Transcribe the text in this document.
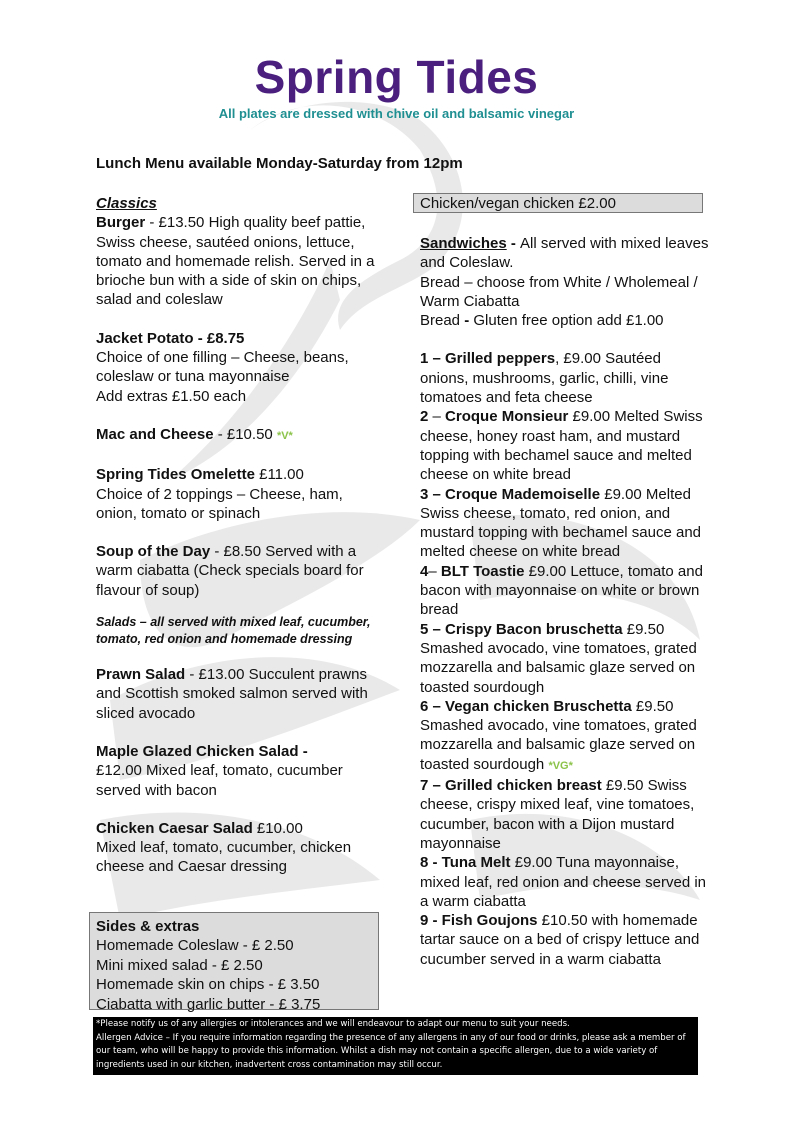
Spring Tides
All plates are dressed with chive oil and balsamic vinegar
Lunch Menu available Monday-Saturday from 12pm

Classics

Burger - £13.50 High quality beef pattie, Swiss cheese, sautéed onions, lettuce, tomato and homemade relish. Served in a brioche bun with a side of skin on chips, salad and coleslaw

Jacket Potato - £8.75
Choice of one filling – Cheese, beans, coleslaw or tuna mayonnaise
Add extras £1.50 each

Mac and Cheese - £10.50 *V*

Spring Tides Omelette £11.00
Choice of 2 toppings – Cheese, ham, onion, tomato or spinach

Soup of the Day - £8.50 Served with a warm ciabatta (Check specials board for flavour of soup)

Salads – all served with mixed leaf, cucumber, tomato, red onion and homemade dressing

Prawn Salad - £13.00 Succulent prawns and Scottish smoked salmon served with sliced avocado

Maple Glazed Chicken Salad -
£12.00 Mixed leaf, tomato, cucumber served with bacon

Chicken Caesar Salad £10.00
Mixed leaf, tomato, cucumber, chicken cheese and Caesar dressing

Sides & extras
Homemade Coleslaw - £ 2.50
Mini mixed salad - £ 2.50
Homemade skin on chips - £ 3.50
Ciabatta with garlic butter - £ 3.75
Chicken/vegan chicken £2.00

Sandwiches - All served with mixed leaves and Coleslaw.

Bread – choose from White / Wholemeal / Warm Ciabatta

Bread - Gluten free option add £1.00

1 – Grilled peppers, £9.00 Sautéed onions, mushrooms, garlic, chilli, vine tomatoes and feta cheese

2 – Croque Monsieur £9.00 Melted Swiss cheese, honey roast ham, and mustard topping with bechamel sauce and melted cheese on white bread

3 – Croque Mademoiselle £9.00 Melted Swiss cheese, tomato, red onion, and mustard topping with bechamel sauce and melted cheese on white bread

4– BLT Toastie £9.00 Lettuce, tomato and bacon with mayonnaise on white or brown bread

5 – Crispy Bacon bruschetta £9.50 Smashed avocado, vine tomatoes, grated mozzarella and balsamic glaze served on toasted sourdough

6 – Vegan chicken Bruschetta £9.50 Smashed avocado, vine tomatoes, grated mozzarella and balsamic glaze served on toasted sourdough *VG*

7 – Grilled chicken breast £9.50 Swiss cheese, crispy mixed leaf, vine tomatoes, cucumber, bacon with a Dijon mustard mayonnaise

8 - Tuna Melt £9.00 Tuna mayonnaise, mixed leaf, red onion and cheese served in a warm ciabatta

9 - Fish Goujons £10.50 with homemade tartar sauce on a bed of crispy lettuce and cucumber served in a warm ciabatta

*Please notify us of any allergies or intolerances and we will endeavour to adapt our menu to suit your needs.

Allergen Advice – If you require information regarding the presence of any allergens in any of our food or drinks, please ask a member of our team, who will be happy to provide this information. Whilst a dish may not contain a specific allergen, due to a wide variety of ingredients used in our kitchen, inadvertent cross contamination may still occur.
